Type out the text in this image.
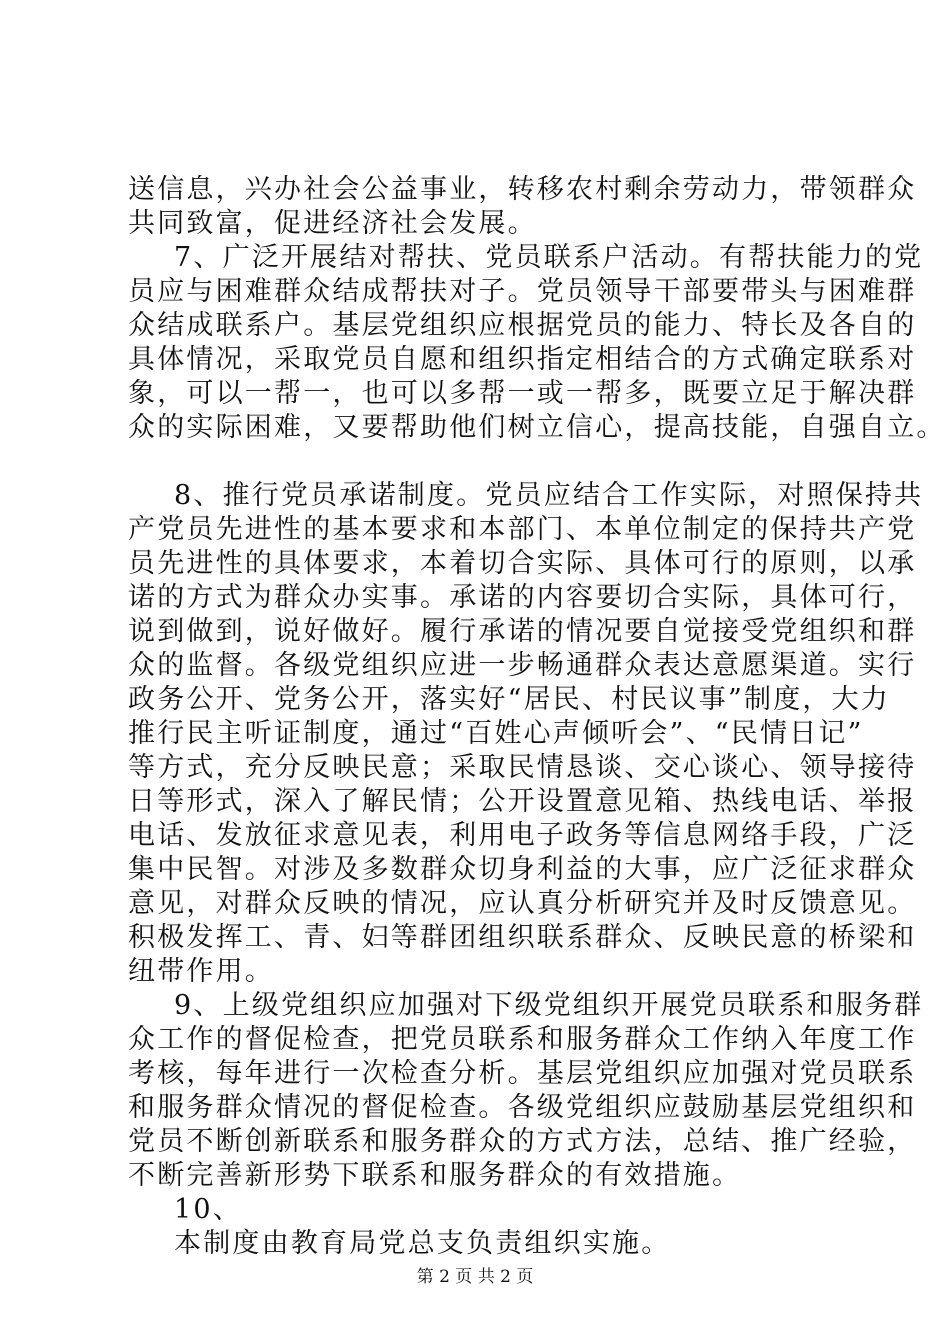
送信息，兴办社会公益事业，转移农村剩余劳动力，带领群众
共同致富，促进经济社会发展。
7、广泛开展结对帮扶、党员联系户活动。有帮扶能力的党
员应与困难群众结成帮扶对子。党员领导干部要带头与困难群
众结成联系户。基层党组织应根据党员的能力、特长及各自的
具体情况，采取党员自愿和组织指定相结合的方式确定联系对
象，可以一帮一，也可以多帮一或一帮多，既要立足于解决群
众的实际困难，又要帮助他们树立信心，提高技能，自强自立。
8、推行党员承诺制度。党员应结合工作实际，对照保持共
产党员先进性的基本要求和本部门、本单位制定的保持共产党
员先进性的具体要求，本着切合实际、具体可行的原则，以承
诺的方式为群众办实事。承诺的内容要切合实际，具体可行，
说到做到，说好做好。履行承诺的情况要自觉接受党组织和群
众的监督。各级党组织应进一步畅通群众表达意愿渠道。实行
政务公开、党务公开，落实好“居民、村民议事”制度，大力
推行民主听证制度，通过“百姓心声倾听会”、“民情日记”
等方式，充分反映民意；采取民情恳谈、交心谈心、领导接待
日等形式，深入了解民情；公开设置意见箱、热线电话、举报
电话、发放征求意见表，利用电子政务等信息网络手段，广泛
集中民智。对涉及多数群众切身利益的大事，应广泛征求群众
意见，对群众反映的情况，应认真分析研究并及时反馈意见。
积极发挥工、青、妇等群团组织联系群众、反映民意的桥梁和
纽带作用。
9、上级党组织应加强对下级党组织开展党员联系和服务群
众工作的督促检查，把党员联系和服务群众工作纳入年度工作
考核，每年进行一次检查分析。基层党组织应加强对党员联系
和服务群众情况的督促检查。各级党组织应鼓励基层党组织和
党员不断创新联系和服务群众的方式方法，总结、推广经验，
不断完善新形势下联系和服务群众的有效措施。
10、
本制度由教育局党总支负责组织实施。
第 2 页 共 2 页
